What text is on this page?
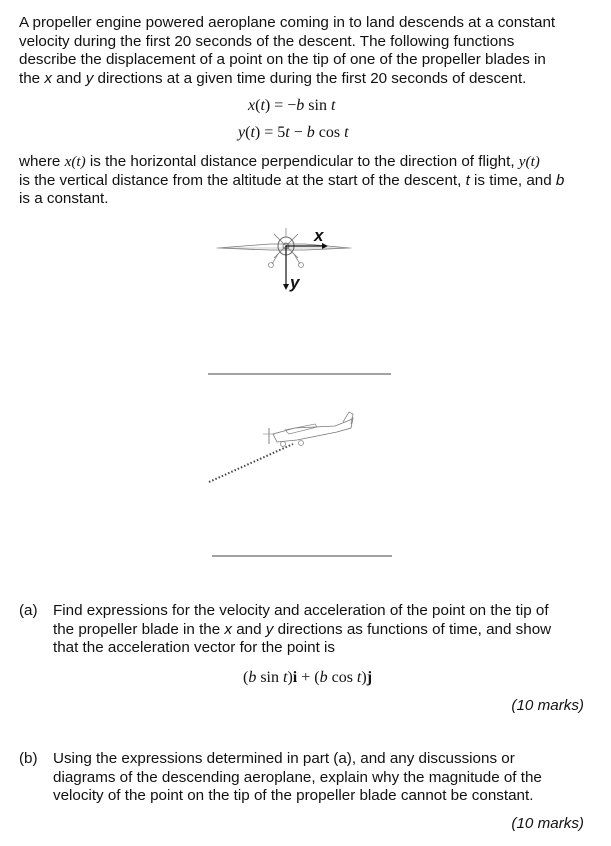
A propeller engine powered aeroplane coming in to land descends at a constant
velocity during the first 20 seconds of the descent. The following functions
describe the displacement of a point on the tip of one of the propeller blades in
the x and y directions at a given time during the first 20 seconds of descent.
x(t) = −b sin t
y(t) = 5t − b cos t
where x(t) is the horizontal distance perpendicular to the direction of flight, y(t)
is the vertical distance from the altitude at the start of the descent, t is time, and b
is a constant.
x
y
(a) Find expressions for the velocity and acceleration of the point on the tip of
the propeller blade in the x and y directions as functions of time, and show
that the acceleration vector for the point is
(b sin t)i + (b cos t)j
(10 marks)
(b) Using the expressions determined in part (a), and any discussions or
diagrams of the descending aeroplane, explain why the magnitude of the
velocity of the point on the tip of the propeller blade cannot be constant.
(10 marks)
